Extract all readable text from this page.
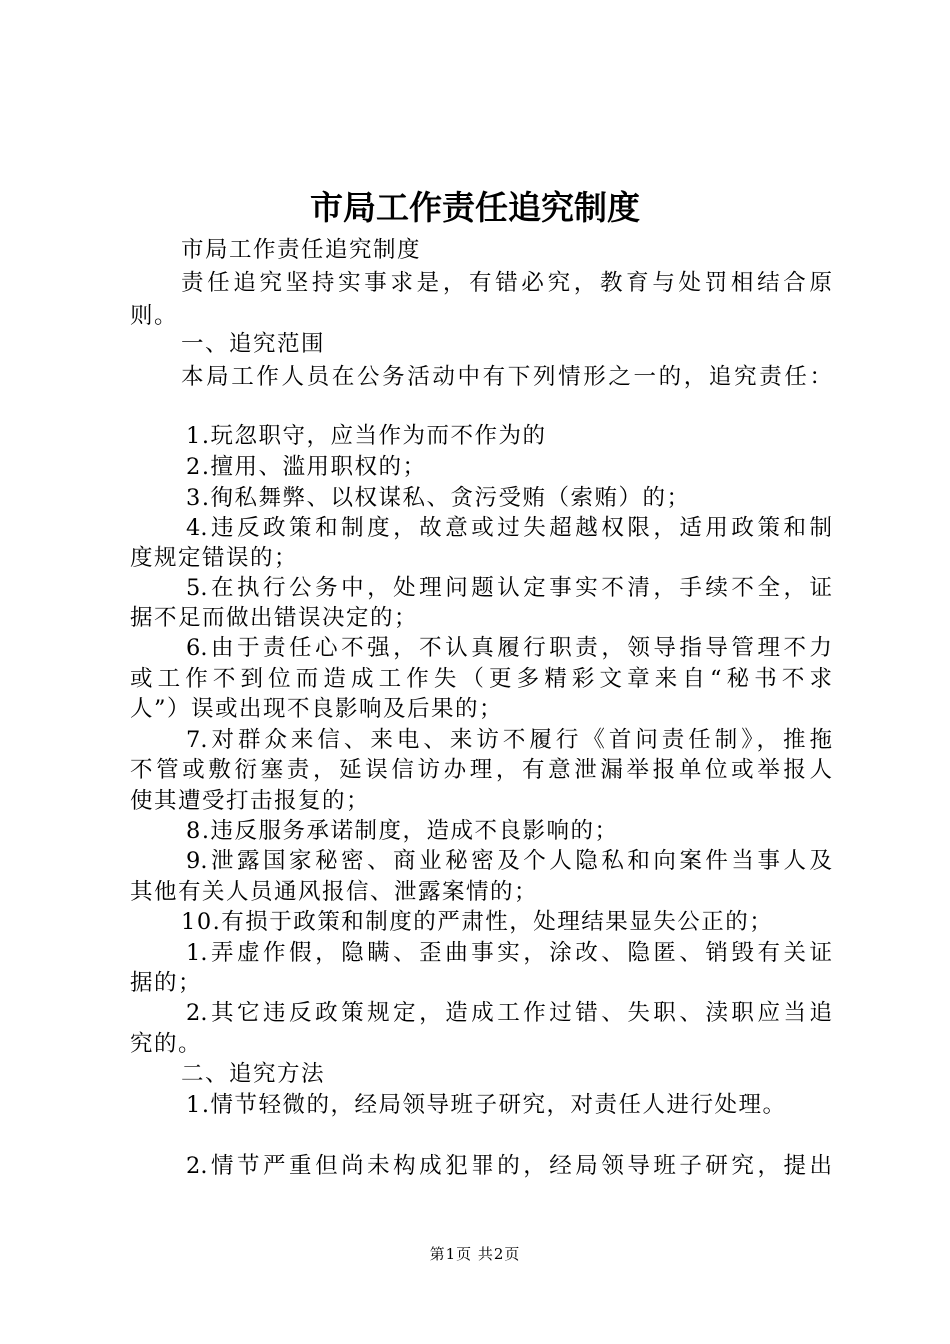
市局工作责任追究制度
市局工作责任追究制度
责任追究坚持实事求是，有错必究，教育与处罚相结合原
则。
一、追究范围
本局工作人员在公务活动中有下列情形之一的，追究责任：
1.玩忽职守，应当作为而不作为的
2.擅用、滥用职权的；
3.徇私舞弊、以权谋私、贪污受贿（索贿）的；
4.违反政策和制度，故意或过失超越权限，适用政策和制
度规定错误的；
5.在执行公务中，处理问题认定事实不清，手续不全，证
据不足而做出错误决定的；
6.由于责任心不强，不认真履行职责，领导指导管理不力
或工作不到位而造成工作失（更多精彩文章来自“秘书不求
人”）误或出现不良影响及后果的；
7.对群众来信、来电、来访不履行《首问责任制》，推拖
不管或敷衍塞责，延误信访办理，有意泄漏举报单位或举报人
使其遭受打击报复的；
8.违反服务承诺制度，造成不良影响的；
9.泄露国家秘密、商业秘密及个人隐私和向案件当事人及
其他有关人员通风报信、泄露案情的；
10.有损于政策和制度的严肃性，处理结果显失公正的；
1.弄虚作假，隐瞒、歪曲事实，涂改、隐匿、销毁有关证
据的；
2.其它违反政策规定，造成工作过错、失职、渎职应当追
究的。
二、追究方法
1.情节轻微的，经局领导班子研究，对责任人进行处理。
2.情节严重但尚未构成犯罪的，经局领导班子研究，提出
第1页 共2页
